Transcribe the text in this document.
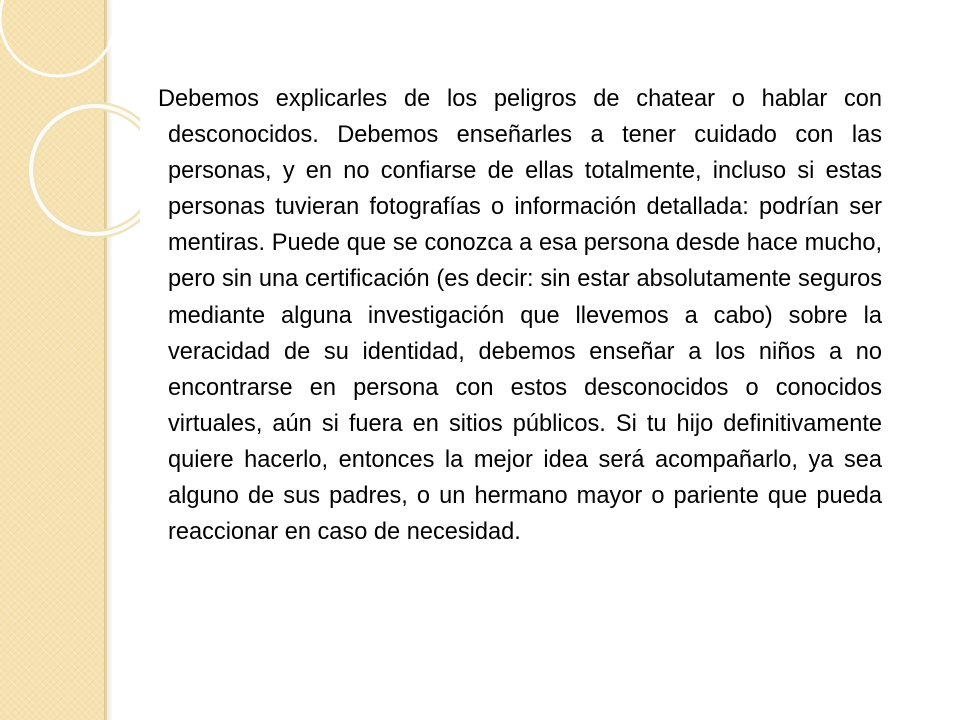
Debemos explicarles de los peligros de chatear o hablar con desconocidos. Debemos enseñarles a tener cuidado con las personas, y en no confiarse de ellas totalmente, incluso si estas personas tuvieran fotografías o información detallada: podrían ser mentiras. Puede que se conozca a esa persona desde hace mucho, pero sin una certificación (es decir: sin estar absolutamente seguros mediante alguna investigación que llevemos a cabo) sobre la veracidad de su identidad, debemos enseñar a los niños a no encontrarse en persona con estos desconocidos o conocidos virtuales, aún si fuera en sitios públicos. Si tu hijo definitivamente quiere hacerlo, entonces la mejor idea será acompañarlo, ya sea alguno de sus padres, o un hermano mayor o pariente que pueda reaccionar en caso de necesidad.
